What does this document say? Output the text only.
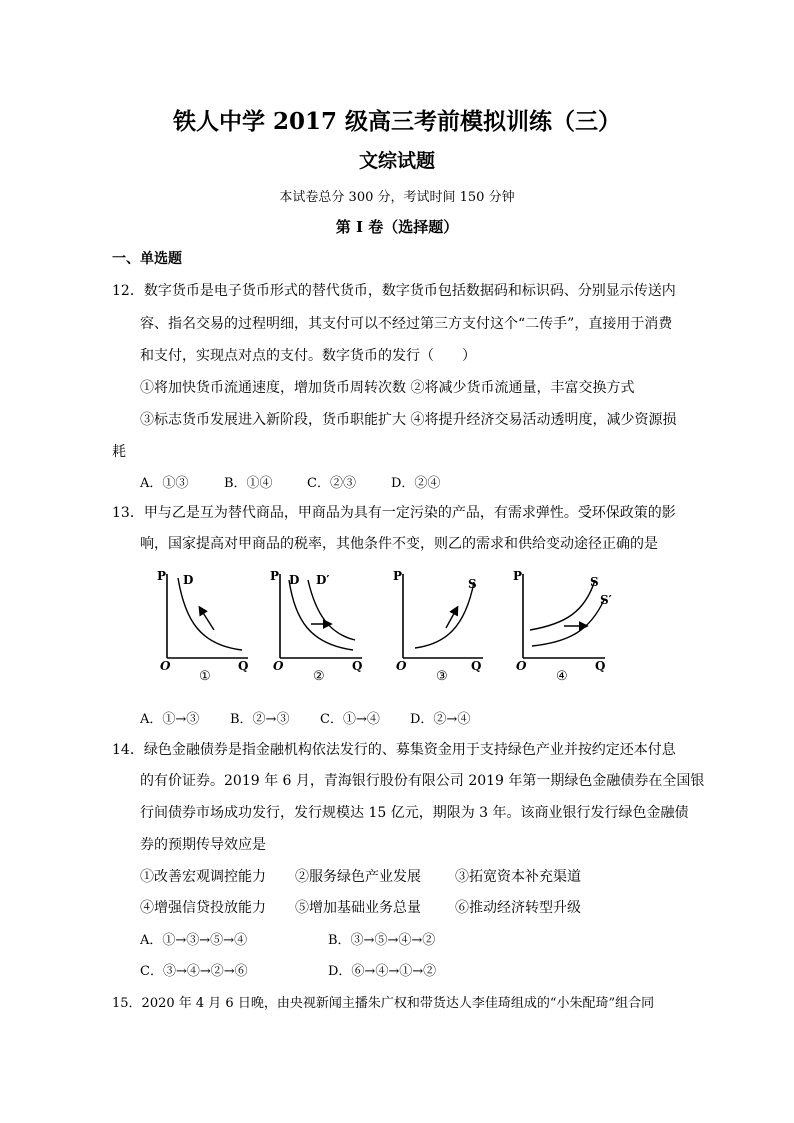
铁人中学 2017 级高三考前模拟训练（三）
文综试题
本试卷总分 300 分，考试时间 150 分钟
第 I 卷（选择题）
一、单选题
12．数字货币是电子货币形式的替代货币，数字货币包括数据码和标识码、分别显示传送内
容、指名交易的过程明细，其支付可以不经过第三方支付这个“二传手”，直接用于消费
和支付，实现点对点的支付。数字货币的发行（　　）
①将加快货币流通速度，增加货币周转次数 ②将减少货币流通量，丰富交换方式
③标志货币发展进入新阶段，货币职能扩大 ④将提升经济交易活动透明度，减少资源损
耗
A．①③	B．①④	C．②③	D．②④
13．甲与乙是互为替代商品，甲商品为具有一定污染的产品，有需求弹性。受环保政策的影
响，国家提高对甲商品的税率，其他条件不变，则乙的需求和供给变动途径正确的是
P D
O	Q
①
P D D′
O	Q
②
P
S
O	Q
③
P	S
S′
O	Q
④
A．①→③ B．②→③ C．①→④ D．②→④
14．绿色金融债券是指金融机构依法发行的、募集资金用于支持绿色产业并按约定还本付息
的有价证券。2019 年 6 月，青海银行股份有限公司 2019 年第一期绿色金融债券在全国银
行间债券市场成功发行，发行规模达 15 亿元，期限为 3 年。该商业银行发行绿色金融债
券的预期传导效应是
①改善宏观调控能力 ②服务绿色产业发展 ③拓宽资本补充渠道
④增强信贷投放能力 ⑤增加基础业务总量 ⑥推动经济转型升级
A．①→③→⑤→④	B．③→⑤→④→②
C．③→④→②→⑥	D．⑥→④→①→②
15．2020 年 4 月 6 日晚，由央视新闻主播朱广权和带货达人李佳琦组成的“小朱配琦”组合同
